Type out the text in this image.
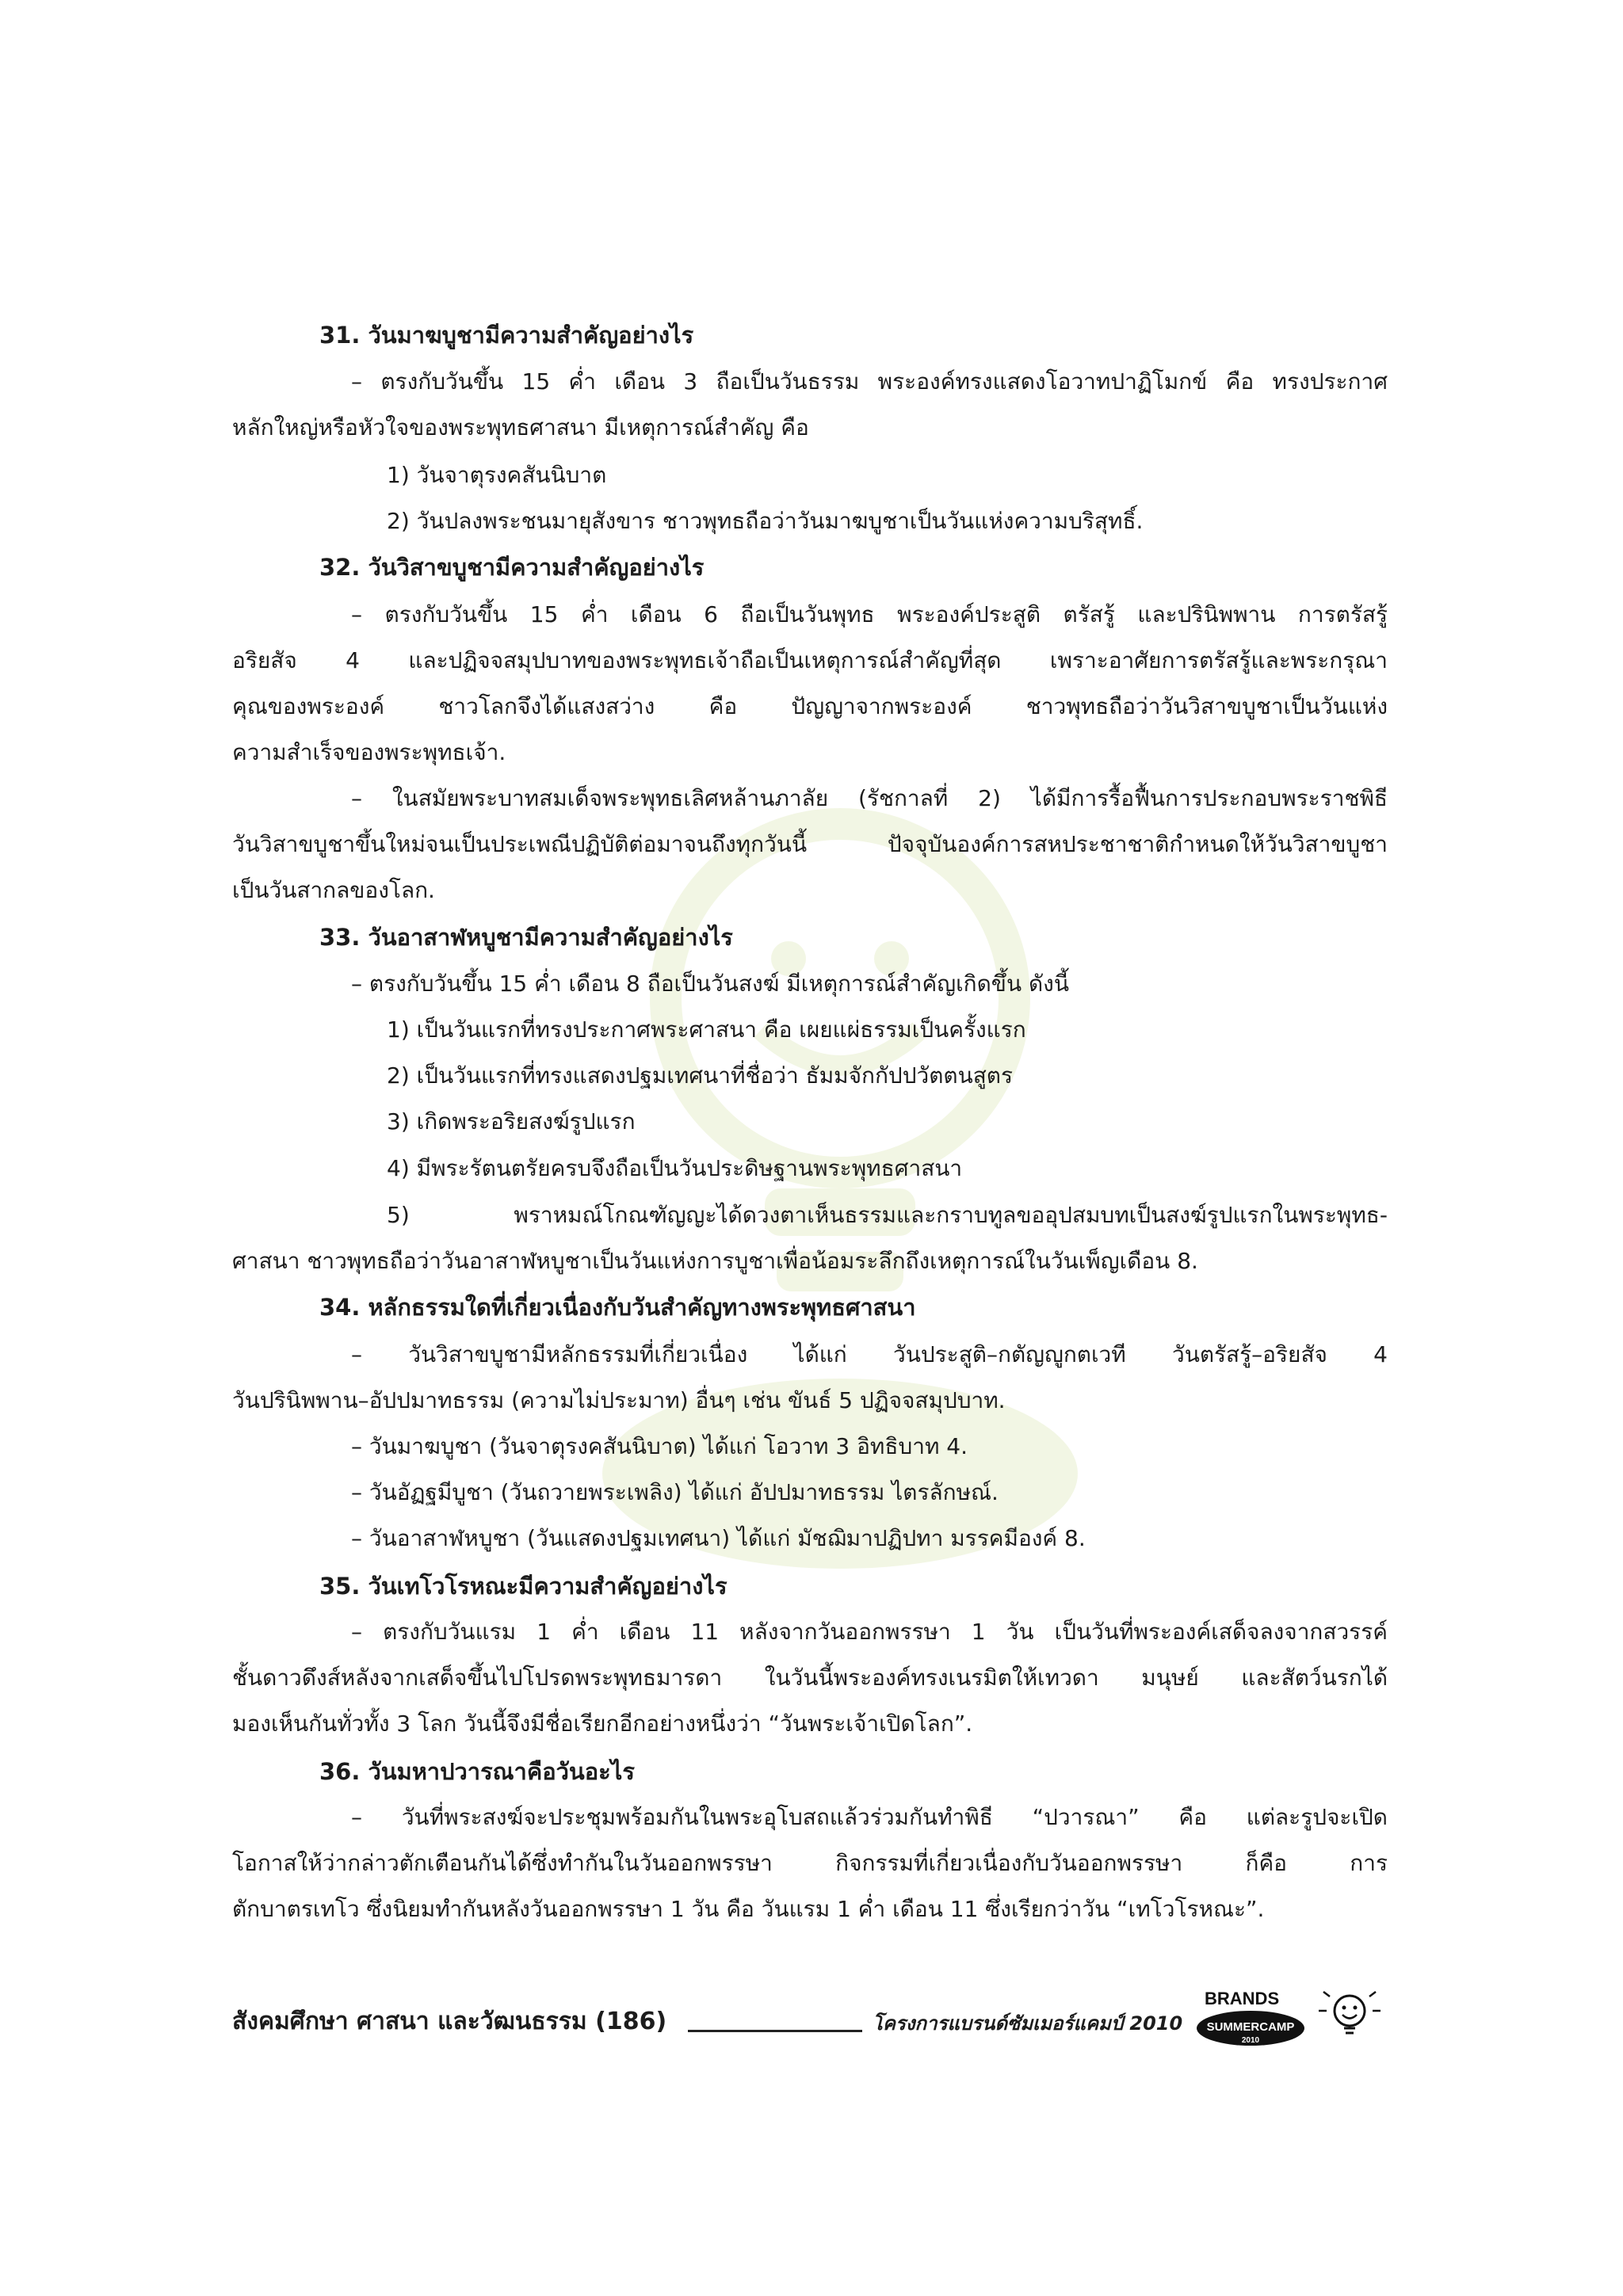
31. วันมาฆบูชามีความสำคัญอย่างไร
– ตรงกับวันขึ้น 15 ค่ำ เดือน 3 ถือเป็นวันธรรม พระองค์ทรงแสดงโอวาทปาฏิโมกข์ คือ ทรงประกาศ
หลักใหญ่หรือหัวใจของพระพุทธศาสนา มีเหตุการณ์สำคัญ คือ
1) วันจาตุรงคสันนิบาต
2) วันปลงพระชนมายุสังขาร ชาวพุทธถือว่าวันมาฆบูชาเป็นวันแห่งความบริสุทธิ์.
32. วันวิสาขบูชามีความสำคัญอย่างไร
– ตรงกับวันขึ้น 15 ค่ำ เดือน 6 ถือเป็นวันพุทธ พระองค์ประสูติ ตรัสรู้ และปรินิพพาน การตรัสรู้
อริยสัจ 4 และปฏิจจสมุปบาทของพระพุทธเจ้าถือเป็นเหตุการณ์สำคัญที่สุด เพราะอาศัยการตรัสรู้และพระกรุณา
คุณของพระองค์ ชาวโลกจึงได้แสงสว่าง คือ ปัญญาจากพระองค์ ชาวพุทธถือว่าวันวิสาขบูชาเป็นวันแห่ง
ความสำเร็จของพระพุทธเจ้า.
– ในสมัยพระบาทสมเด็จพระพุทธเลิศหล้านภาลัย (รัชกาลที่ 2) ได้มีการรื้อฟื้นการประกอบพระราชพิธี
วันวิสาขบูชาขึ้นใหม่จนเป็นประเพณีปฏิบัติต่อมาจนถึงทุกวันนี้ ปัจจุบันองค์การสหประชาชาติกำหนดให้วันวิสาขบูชา
เป็นวันสากลของโลก.
33. วันอาสาฬหบูชามีความสำคัญอย่างไร
– ตรงกับวันขึ้น 15 ค่ำ เดือน 8 ถือเป็นวันสงฆ์ มีเหตุการณ์สำคัญเกิดขึ้น ดังนี้
1) เป็นวันแรกที่ทรงประกาศพระศาสนา คือ เผยแผ่ธรรมเป็นครั้งแรก
2) เป็นวันแรกที่ทรงแสดงปฐมเทศนาที่ชื่อว่า ธัมมจักกัปปวัตตนสูตร
3) เกิดพระอริยสงฆ์รูปแรก
4) มีพระรัตนตรัยครบจึงถือเป็นวันประดิษฐานพระพุทธศาสนา
5) พราหมณ์โกณฑัญญะได้ดวงตาเห็นธรรมและกราบทูลขออุปสมบทเป็นสงฆ์รูปแรกในพระพุทธ-
ศาสนา ชาวพุทธถือว่าวันอาสาฬหบูชาเป็นวันแห่งการบูชาเพื่อน้อมระลึกถึงเหตุการณ์ในวันเพ็ญเดือน 8.
34. หลักธรรมใดที่เกี่ยวเนื่องกับวันสำคัญทางพระพุทธศาสนา
– วันวิสาขบูชามีหลักธรรมที่เกี่ยวเนื่อง ได้แก่ วันประสูติ–กตัญญูกตเวที วันตรัสรู้–อริยสัจ 4
วันปรินิพพาน–อัปปมาทธรรม (ความไม่ประมาท) อื่นๆ เช่น ขันธ์ 5 ปฏิจจสมุปบาท.
– วันมาฆบูชา (วันจาตุรงคสันนิบาต) ได้แก่ โอวาท 3 อิทธิบาท 4.
– วันอัฏฐมีบูชา (วันถวายพระเพลิง) ได้แก่ อัปปมาทธรรม ไตรลักษณ์.
– วันอาสาฬหบูชา (วันแสดงปฐมเทศนา) ได้แก่ มัชฌิมาปฏิปทา มรรคมีองค์ 8.
35. วันเทโวโรหณะมีความสำคัญอย่างไร
– ตรงกับวันแรม 1 ค่ำ เดือน 11 หลังจากวันออกพรรษา 1 วัน เป็นวันที่พระองค์เสด็จลงจากสวรรค์
ชั้นดาวดึงส์หลังจากเสด็จขึ้นไปโปรดพระพุทธมารดา ในวันนี้พระองค์ทรงเนรมิตให้เทวดา มนุษย์ และสัตว์นรกได้
มองเห็นกันทั่วทั้ง 3 โลก วันนี้จึงมีชื่อเรียกอีกอย่างหนึ่งว่า “วันพระเจ้าเปิดโลก”.
36. วันมหาปวารณาคือวันอะไร
– วันที่พระสงฆ์จะประชุมพร้อมกันในพระอุโบสถแล้วร่วมกันทำพิธี “ปวารณา” คือ แต่ละรูปจะเปิด
โอกาสให้ว่ากล่าวตักเตือนกันได้ซึ่งทำกันในวันออกพรรษา กิจกรรมที่เกี่ยวเนื่องกับวันออกพรรษา ก็คือ การ
ตักบาตรเทโว ซึ่งนิยมทำกันหลังวันออกพรรษา 1 วัน คือ วันแรม 1 ค่ำ เดือน 11 ซึ่งเรียกว่าวัน “เทโวโรหณะ”.
สังคมศึกษา ศาสนา และวัฒนธรรม (186)	โครงการแบรนด์ซัมเมอร์แคมป์ 2010
BRANDS
SUMMERCAMP
2010
